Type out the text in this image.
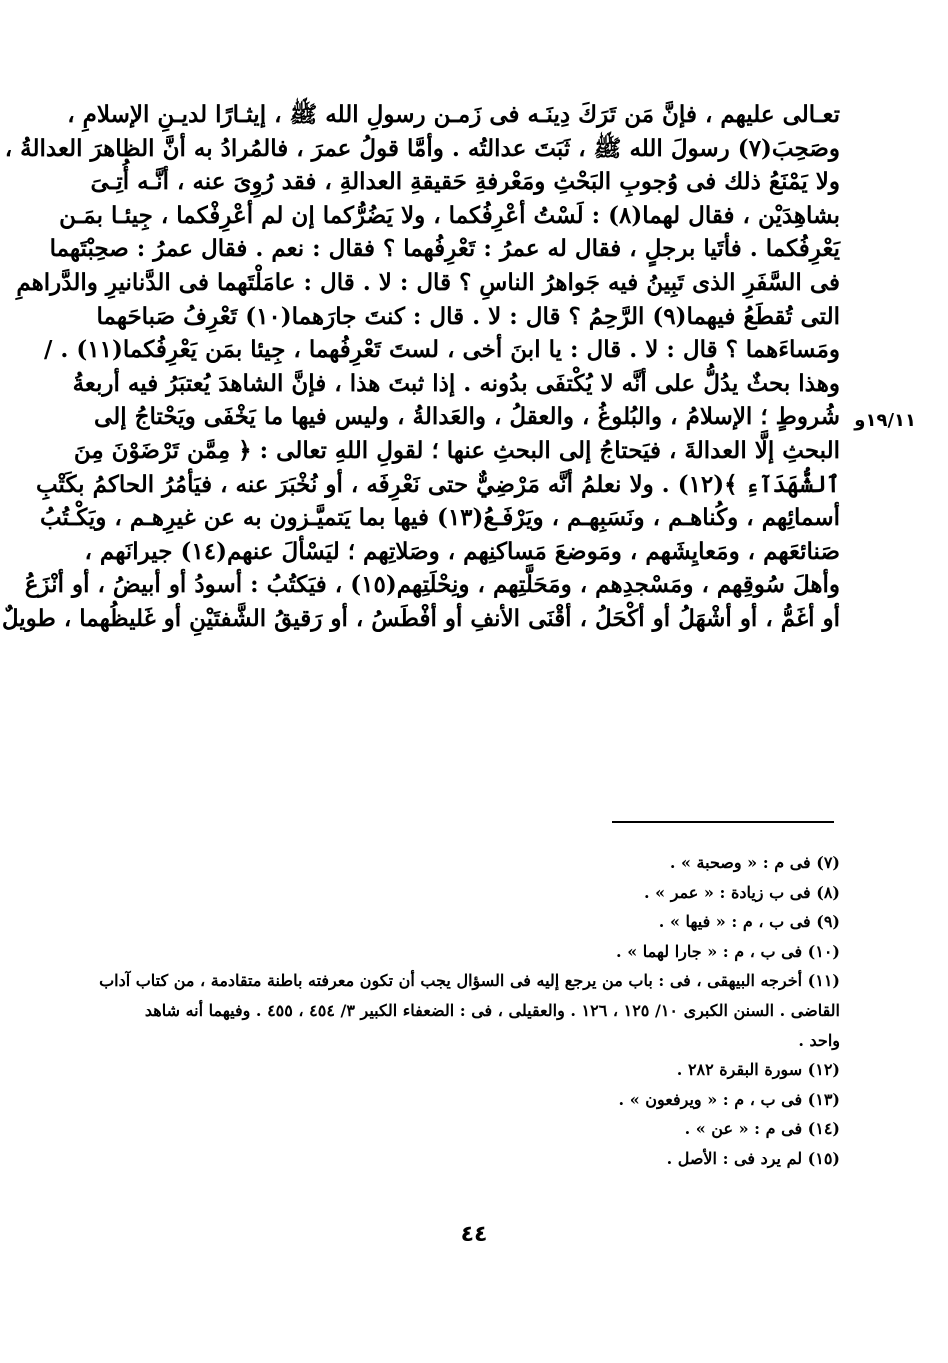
تعـالى عليهم ، فإنَّ مَن تَرَكَ دِينَـه فى زَمـن رسولِ الله ﷺ ، إيثـارًا لديـنِ الإسلامِ ،
وصَحِبَ(٧) رسولَ الله ﷺ ، ثَبَتَ عدالتُه . وأمَّا قولُ عمرَ ، فالمُرادُ به أنَّ الظاهرَ العدالةُ ،
ولا يَمْنَعُ ذلك فى وُجوبِ البَحْثِ ومَعْرفةِ حَقيقةِ العدالةِ ، فقد رُوِىَ عنه ، أنَّـه أُتِـىَ
بشاهِدَيْن ، فقال لهما(٨) : لَسْتُ أعْرِفُكما ، ولا يَضُرُّكما إن لم أعْرِفْكما ، جِيئـا بمَـن
يَعْرِفُكما . فأتَيا برجلٍ ، فقال له عمرُ : تَعْرِفُهما ؟ فقال : نعم . فقال عمرُ : صحِبْتَهما
فى السَّفَرِ الذى تَبِينُ فيه جَواهرُ الناسِ ؟ قال : لا . قال : عامَلْتَهما فى الدَّنانيرِ والدَّراهمِ
التى تُقطَعُ فيهما(٩) الرَّحِمُ ؟ قال : لا . قال : كنتَ جارَهما(١٠) تَعْرِفُ صَباحَهما
ومَساءَهما ؟ قال : لا . قال : يا ابنَ أخى ، لستَ تَعْرِفُهما ، جِيئا بمَن يَعْرِفُكما(١١) . /
وهذا بحثٌ يدُلُّ على أنَّه لا يُكْتفَى بدُونه . إذا ثبتَ هذا ، فإنَّ الشاهدَ يُعتبَرُ فيه أربعةُ
شُروطٍ ؛ الإسلامُ ، والبُلوغُ ، والعقلُ ، والعَدالةُ ، وليس فيها ما يَخْفَى ويَحْتاجُ إلى
البحثِ إلَّا العدالةَ ، فيَحتاجُ إلى البحثِ عنها ؛ لقولِ اللهِ تعالى : ﴿ مِمَّن تَرْضَوْنَ مِنَ
ٱلشُّهَدَآءِ ﴾(١٢) . ولا نعلمُ أنَّه مَرْضِيٌّ حتى نَعْرِفَه ، أو نُخْبَرَ عنه ، فيَأمُرُ الحاكمُ بكَتْبِ
أسمائِهم ، وكُناهـم ، ونَسَبِهـم ، ويَرْفَـعُ(١٣) فيها بما يَتميَّـزون به عن غيرِهـم ، ويَكْـتُبُ
صَنائعَهم ، ومَعايِشَهم ، ومَوضعَ مَساكنِهم ، وصَلاتِهم ؛ ليَسْألَ عنهم(١٤) جيرانَهم ،
وأهلَ سُوقِهم ، ومَسْجدِهم ، ومَحَلَّتِهم ، ونِحْلَتِهم(١٥) ، فيَكتُبُ : أسودُ أو أبيضُ ، أو أنْزَعُ
أو أغَمُّ ، أو أشْهَلُ أو أكْحَلُ ، أقْنَى الأنفِ أو أفْطَسُ ، أو رَقيقُ الشَّفتَيْنِ أو غَليظُهما ، طويلٌ
١٩/١١و
(٧) فى م : « وصحبة » .
(٨) فى ب زيادة : « عمر » .
(٩) فى ب ، م : « فيها » .
(١٠) فى ب ، م : « جارا لهما » .
(١١) أخرجه البيهقى ، فى : باب من يرجع إليه فى السؤال يجب أن تكون معرفته باطنة متقادمة ، من كتاب آداب
القاضى . السنن الكبرى ١٠/ ١٢٥ ، ١٢٦ . والعقيلى ، فى : الضعفاء الكبير ٣/ ٤٥٤ ، ٤٥٥ . وفيهما أنه شاهد
واحد .
(١٢) سورة البقرة ٢٨٢ .
(١٣) فى ب ، م : « ويرفعون » .
(١٤) فى م : « عن » .
(١٥) لم يرد فى : الأصل .
٤٤
